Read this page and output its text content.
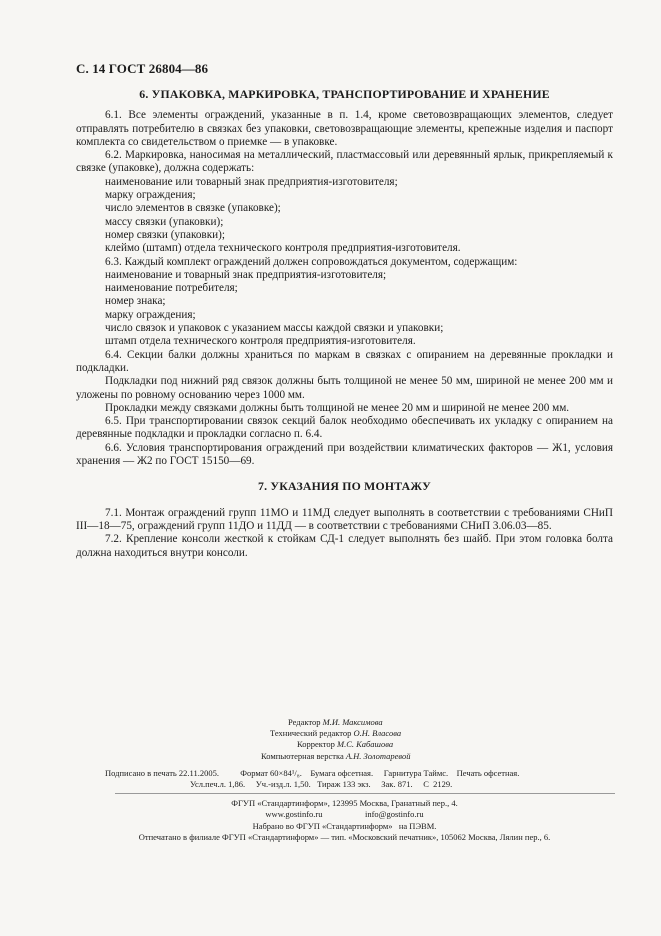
С. 14 ГОСТ 26804—86
6. УПАКОВКА, МАРКИРОВКА, ТРАНСПОРТИРОВАНИЕ И ХРАНЕНИЕ

6.1. Все элементы ограждений, указанные в п. 1.4, кроме световозвращающих элементов, следует отправлять потребителю в связках без упаковки, световозвращающие элементы, крепежные изделия и паспорт комплекта со свидетельством о приемке — в упаковке.

6.2. Маркировка, наносимая на металлический, пластмассовый или деревянный ярлык, прикрепляемый к связке (упаковке), должна содержать:

наименование или товарный знак предприятия-изготовителя;
марку ограждения;
число элементов в связке (упаковке);
массу связки (упаковки);
номер связки (упаковки);
клеймо (штамп) отдела технического контроля предприятия-изготовителя.

6.3. Каждый комплект ограждений должен сопровождаться документом, содержащим:

наименование и товарный знак предприятия-изготовителя;
наименование потребителя;
номер знака;
марку ограждения;
число связок и упаковок с указанием массы каждой связки и упаковки;
штамп отдела технического контроля предприятия-изготовителя.

6.4. Секции балки должны храниться по маркам в связках с опиранием на деревянные прокладки и подкладки.

Подкладки под нижний ряд связок должны быть толщиной не менее 50 мм, шириной не менее 200 мм и уложены по ровному основанию через 1000 мм.

Прокладки между связками должны быть толщиной не менее 20 мм и шириной не менее 200 мм.

6.5. При транспортировании связок секций балок необходимо обеспечивать их укладку с опиранием на деревянные подкладки и прокладки согласно п. 6.4.

6.6. Условия транспортирования ограждений при воздействии климатических факторов — Ж1, условия хранения — Ж2 по ГОСТ 15150—69.

7. УКАЗАНИЯ ПО МОНТАЖУ

7.1. Монтаж ограждений групп 11МО и 11МД следует выполнять в соответствии с требованиями СНиП III—18—75, ограждений групп 11ДО и 11ДД — в соответствии с требованиями СНиП 3.06.03—85.

7.2. Крепление консоли жесткой к стойкам СД-1 следует выполнять без шайб. При этом головка болта должна находиться внутри консоли.

Редактор М.И. Максимова
Технический редактор О.Н. Власова
Корректор М.С. Кабашова
Компьютерная верстка А.Н. Золотаревой
Подписано в печать 22.11.2005.          Формат 60×84¹/₈.    Бумага офсетная.     Гарнитура Таймс.    Печать офсетная.
Усл.печ.л. 1,86.     Уч.-изд.л. 1,50.   Тираж 133 экз.     Зак. 871.     С  2129.
ФГУП «Стандартинформ», 123995 Москва, Гранатный пер., 4.
www.gostinfo.ru                    info@gostinfo.ru
Набрано во ФГУП «Стандартинформ»   на ПЭВМ.
Отпечатано в филиале ФГУП «Стандартинформ» — тип. «Московский печатник», 105062 Москва, Лялин пер., 6.
